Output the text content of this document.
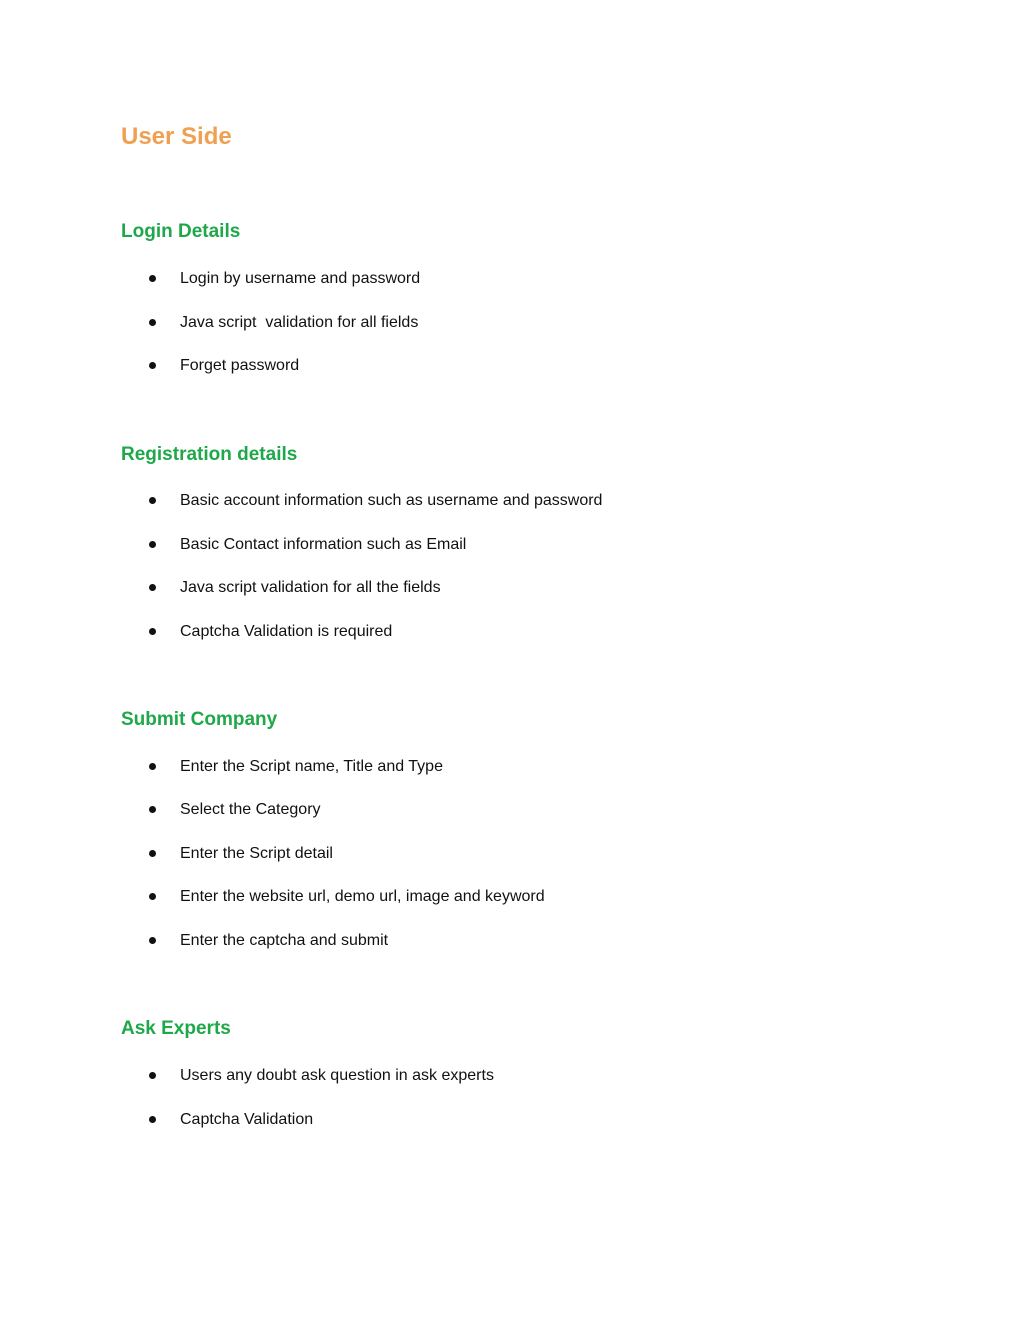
User Side
Login Details
Login by username and password
Java script  validation for all fields
Forget password
Registration details
Basic account information such as username and password
Basic Contact information such as Email
Java script validation for all the fields
Captcha Validation is required
Submit Company
Enter the Script name, Title and Type
Select the Category
Enter the Script detail
Enter the website url, demo url, image and keyword
Enter the captcha and submit
Ask Experts
Users any doubt ask question in ask experts
Captcha Validation
